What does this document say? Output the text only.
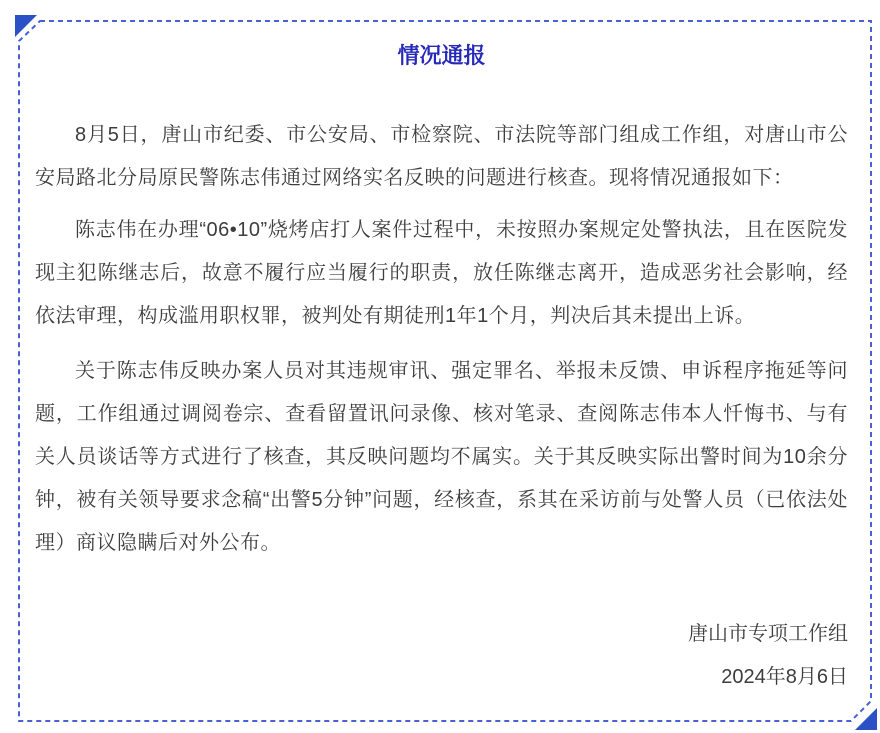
情况通报

8月5日，唐山市纪委、市公安局、市检察院、市法院等部门组成工作组，对唐山市公安局路北分局原民警陈志伟通过网络实名反映的问题进行核查。现将情况通报如下：

陈志伟在办理“06•10”烧烤店打人案件过程中，未按照办案规定处警执法，且在医院发现主犯陈继志后，故意不履行应当履行的职责，放任陈继志离开，造成恶劣社会影响，经依法审理，构成滥用职权罪，被判处有期徒刑1年1个月，判决后其未提出上诉。

关于陈志伟反映办案人员对其违规审讯、强定罪名、举报未反馈、申诉程序拖延等问题，工作组通过调阅卷宗、查看留置讯问录像、核对笔录、查阅陈志伟本人忏悔书、与有关人员谈话等方式进行了核查，其反映问题均不属实。关于其反映实际出警时间为10余分钟，被有关领导要求念稿“出警5分钟”问题，经核查，系其在采访前与处警人员（已依法处理）商议隐瞒后对外公布。

唐山市专项工作组
2024年8月6日
